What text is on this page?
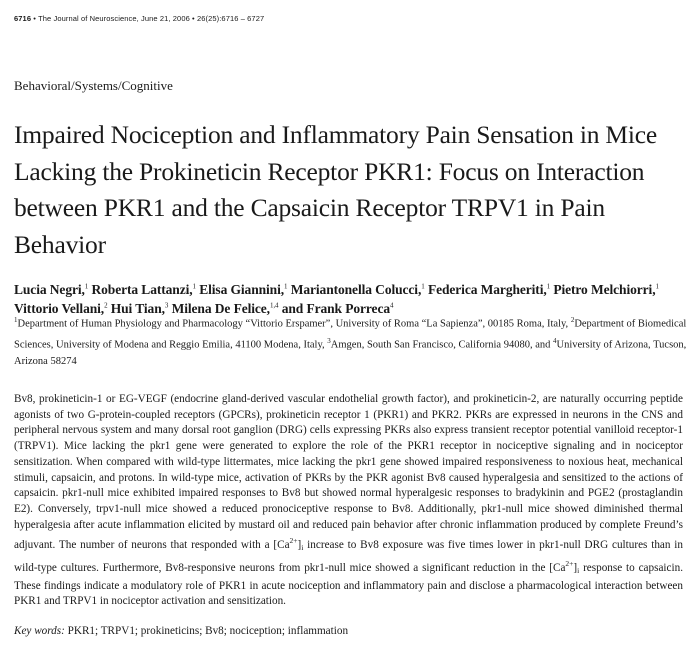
6716 • The Journal of Neuroscience, June 21, 2006 • 26(25):6716 – 6727
Behavioral/Systems/Cognitive
Impaired Nociception and Inflammatory Pain Sensation in Mice Lacking the Prokineticin Receptor PKR1: Focus on Interaction between PKR1 and the Capsaicin Receptor TRPV1 in Pain Behavior
Lucia Negri,$^1$ Roberta Lattanzi,$^1$ Elisa Giannini,$^1$ Mariantonella Colucci,$^1$ Federica Margheriti,$^1$ Pietro Melchiorri,$^1$
Vittorio Vellani,$^2$ Hui Tian,$^3$ Milena De Felice,$^{1,4}$ and Frank Porreca$^4$
$^1$Department of Human Physiology and Pharmacology “Vittorio Erspamer”, University of Roma “La Sapienza”, 00185 Roma, Italy, $^2$Department of Biomedical Sciences, University of Modena and Reggio Emilia, 41100 Modena, Italy, $^3$Amgen, South San Francisco, California 94080, and $^4$University of Arizona, Tucson, Arizona 58274

Bv8, prokineticin-1 or EG-VEGF (endocrine gland-derived vascular endothelial growth factor), and prokineticin-2, are naturally occurring peptide agonists of two G-protein-coupled receptors (GPCRs), prokineticin receptor 1 (PKR1) and PKR2. PKRs are expressed in neurons in the CNS and peripheral nervous system and many dorsal root ganglion (DRG) cells expressing PKRs also express transient receptor potential vanilloid receptor-1 (TRPV1). Mice lacking the pkr1 gene were generated to explore the role of the PKR1 receptor in nociceptive signaling and in nociceptor sensitization. When compared with wild-type littermates, mice lacking the pkr1 gene showed impaired responsiveness to noxious heat, mechanical stimuli, capsaicin, and protons. In wild-type mice, activation of PKRs by the PKR agonist Bv8 caused hyperalgesia and sensitized to the actions of capsaicin. pkr1-null mice exhibited impaired responses to Bv8 but showed normal hyperalgesic responses to bradykinin and PGE2 (prostaglandin E2). Conversely, trpv1-null mice showed a reduced pronociceptive response to Bv8. Additionally, pkr1-null mice showed diminished thermal hyperalgesia after acute inflammation elicited by mustard oil and reduced pain behavior after chronic inflammation produced by complete Freund’s adjuvant. The number of neurons that responded with a $[Ca^{2+}]_i$ increase to Bv8 exposure was five times lower in pkr1-null DRG cultures than in wild-type cultures. Furthermore, Bv8-responsive neurons from pkr1-null mice showed a significant reduction in the $[Ca^{2+}]_i$ response to capsaicin. These findings indicate a modulatory role of PKR1 in acute nociception and inflammatory pain and disclose a pharmacological interaction between PKR1 and TRPV1 in nociceptor activation and sensitization.

Key words: PKR1; TRPV1; prokineticins; Bv8; nociception; inflammation
